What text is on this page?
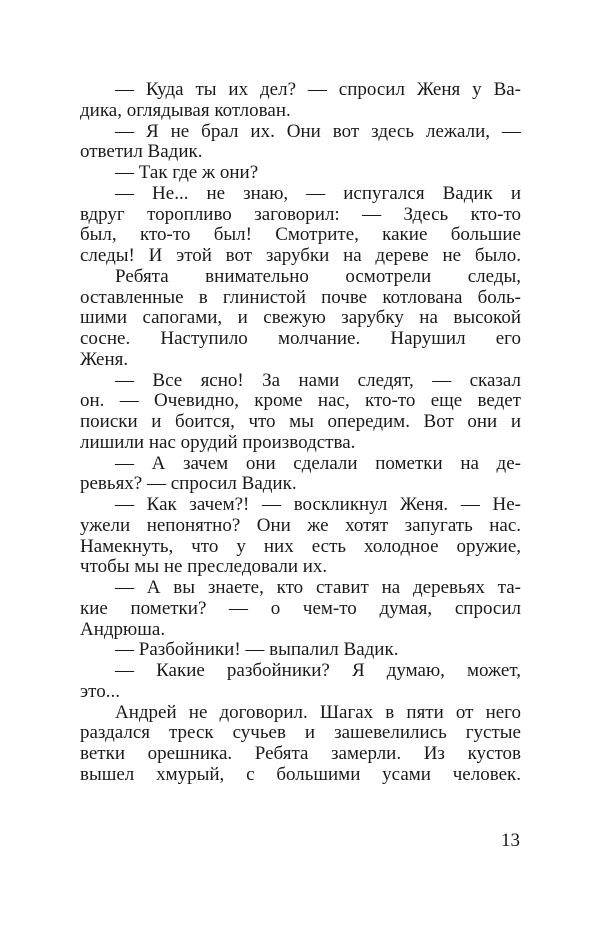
— Куда ты их дел? — спросил Женя у Ва-
дика, оглядывая котлован.
— Я не брал их. Они вот здесь лежали, —
ответил Вадик.
— Так где ж они?
— Не... не знаю, — испугался Вадик и
вдруг торопливо заговорил: — Здесь кто-то
был, кто-то был! Смотрите, какие большие
следы! И этой вот зарубки на дереве не было.
Ребята внимательно осмотрели следы,
оставленные в глинистой почве котлована боль-
шими сапогами, и свежую зарубку на высокой
сосне. Наступило молчание. Нарушил его
Женя.
— Все ясно! За нами следят, — сказал
он. — Очевидно, кроме нас, кто-то еще ведет
поиски и боится, что мы опередим. Вот они и
лишили нас орудий производства.
— А зачем они сделали пометки на де-
ревьях? — спросил Вадик.
— Как зачем?! — воскликнул Женя. — Не-
ужели непонятно? Они же хотят запугать нас.
Намекнуть, что у них есть холодное оружие,
чтобы мы не преследовали их.
— А вы знаете, кто ставит на деревьях та-
кие пометки? — о чем-то думая, спросил
Андрюша.
— Разбойники! — выпалил Вадик.
— Какие разбойники? Я думаю, может,
это...
Андрей не договорил. Шагах в пяти от него
раздался треск сучьев и зашевелились густые
ветки орешника. Ребята замерли. Из кустов
вышел хмурый, с большими усами человек.
13
